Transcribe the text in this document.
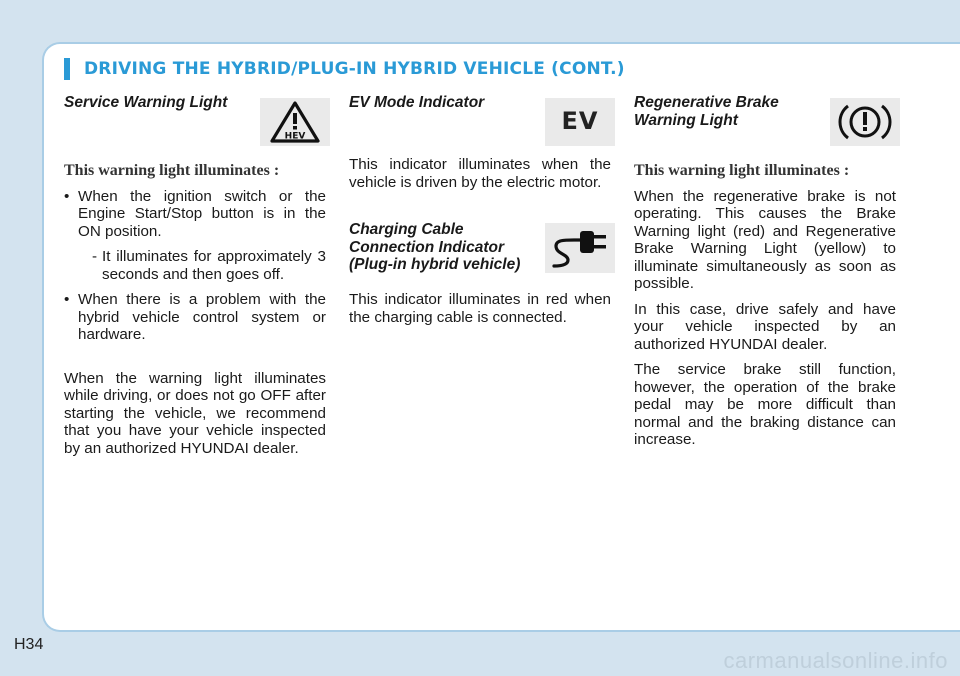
DRIVING THE HYBRID/PLUG-IN HYBRID VEHICLE (CONT.)
Service Warning Light
HEV
This warning light illuminates :
• When the ignition switch or the Engine Start/Stop button is in the ON position.
- It illuminates for approximately 3 seconds and then goes off.
• When there is a problem with the hybrid vehicle control system or hardware.

When the warning light illuminates while driving, or does not go OFF after starting the vehicle, we recommend that you have your vehicle inspected by an authorized HYUNDAI dealer.

EV Mode Indicator
EV

This indicator illuminates when the vehicle is driven by the electric motor.

Charging Cable Connection Indicator (Plug-in hybrid vehicle)

This indicator illuminates in red when the charging cable is connected.

Regenerative Brake Warning Light
This warning light illuminates :

When the regenerative brake is not operating. This causes the Brake Warning light (red) and Regenerative Brake Warning Light (yellow) to illuminate simultaneously as soon as possible.

In this case, drive safely and have your vehicle inspected by an authorized HYUNDAI dealer.

The service brake still function, however, the operation of the brake pedal may be more difficult than normal and the braking distance can increase.

H34
carmanualsonline.info
